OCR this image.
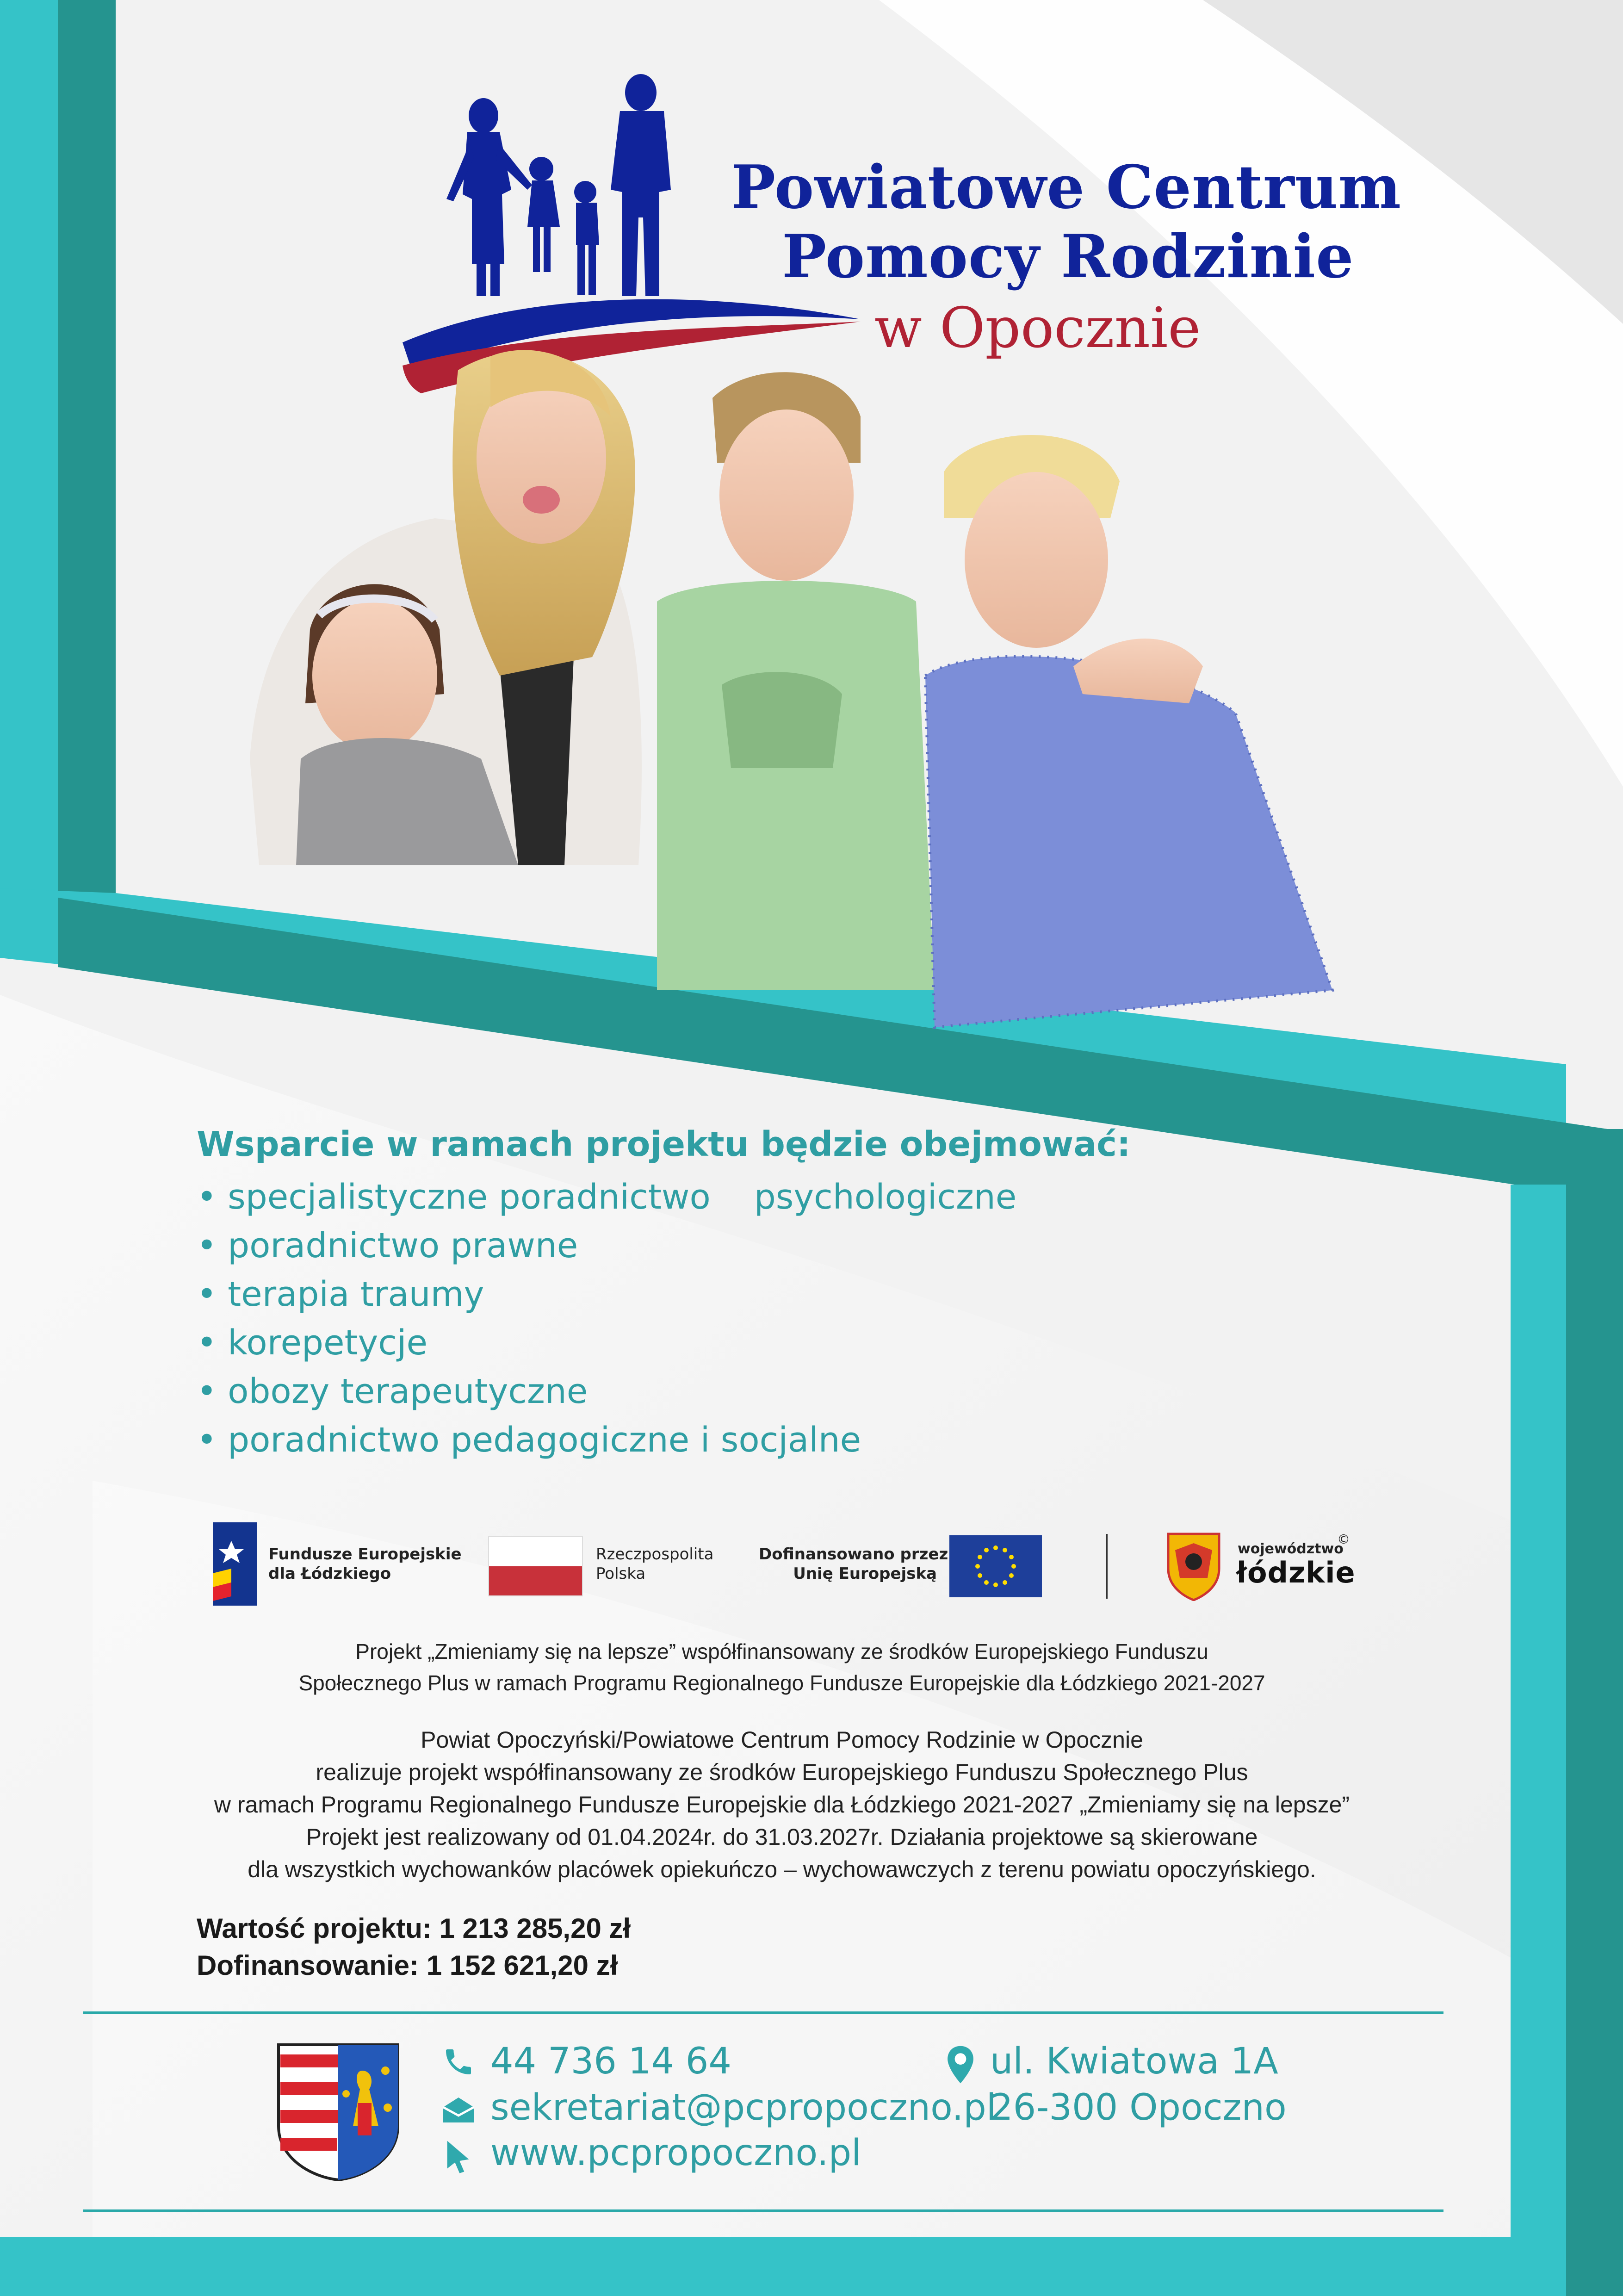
Powiatowe Centrum
Pomocy Rodzinie
w Opocznie
Wsparcie w ramach projektu będzie obejmować:
• specjalistyczne poradnictwo    psychologiczne
• poradnictwo prawne
• terapia traumy
• korepetycje
• obozy terapeutyczne
• poradnictwo pedagogiczne i socjalne
Fundusze Europejskie
dla Łódzkiego
Rzeczpospolita
Polska
Dofinansowano przez
Unię Europejską
województwo
©
łódzkie
Projekt „Zmieniamy się na lepsze” współfinansowany ze środków Europejskiego Funduszu
Społecznego Plus w ramach Programu Regionalnego Fundusze Europejskie dla Łódzkiego 2021-2027
Powiat Opoczyński/Powiatowe Centrum Pomocy Rodzinie w Opocznie
realizuje projekt współfinansowany ze środków Europejskiego Funduszu Społecznego Plus
w ramach Programu Regionalnego Fundusze Europejskie dla Łódzkiego 2021-2027 „Zmieniamy się na lepsze”
Projekt jest realizowany od 01.04.2024r. do 31.03.2027r. Działania projektowe są skierowane
dla wszystkich wychowanków placówek opiekuńczo – wychowawczych z terenu powiatu opoczyńskiego.
Wartość projektu: 1 213 285,20 zł
Dofinansowanie: 1 152 621,20 zł
44 736 14 64
sekretariat@pcpropoczno.pl
www.pcpropoczno.pl
ul. Kwiatowa 1A
26-300 Opoczno
